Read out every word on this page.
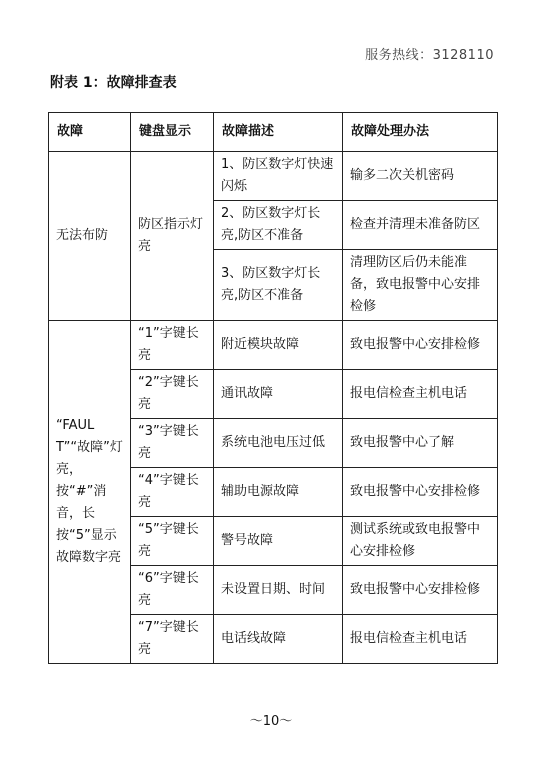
服务热线：3128110
附表 1：故障排查表
故障	键盘显示	故障描述	故障处理办法
无法布防	防区指示灯亮	1、防区数字灯快速闪烁	输多二次关机密码
		2、防区数字灯长亮,防区不准备	检查并清理未准备防区
		3、防区数字灯长亮,防区不准备	清理防区后仍未能准备，致电报警中心安排检修
“FAULT”“故障”灯亮，按“#”消音，长按“5”显示故障数字亮	“1”字键长亮	附近模块故障	致电报警中心安排检修
	“2”字键长亮	通讯故障	报电信检查主机电话
	“3”字键长亮	系统电池电压过低	致电报警中心了解
	“4”字键长亮	辅助电源故障	致电报警中心安排检修
	“5”字键长亮	警号故障	测试系统或致电报警中心安排检修
	“6”字键长亮	未设置日期、时间	致电报警中心安排检修
	“7”字键长亮	电话线故障	报电信检查主机电话
～10～
